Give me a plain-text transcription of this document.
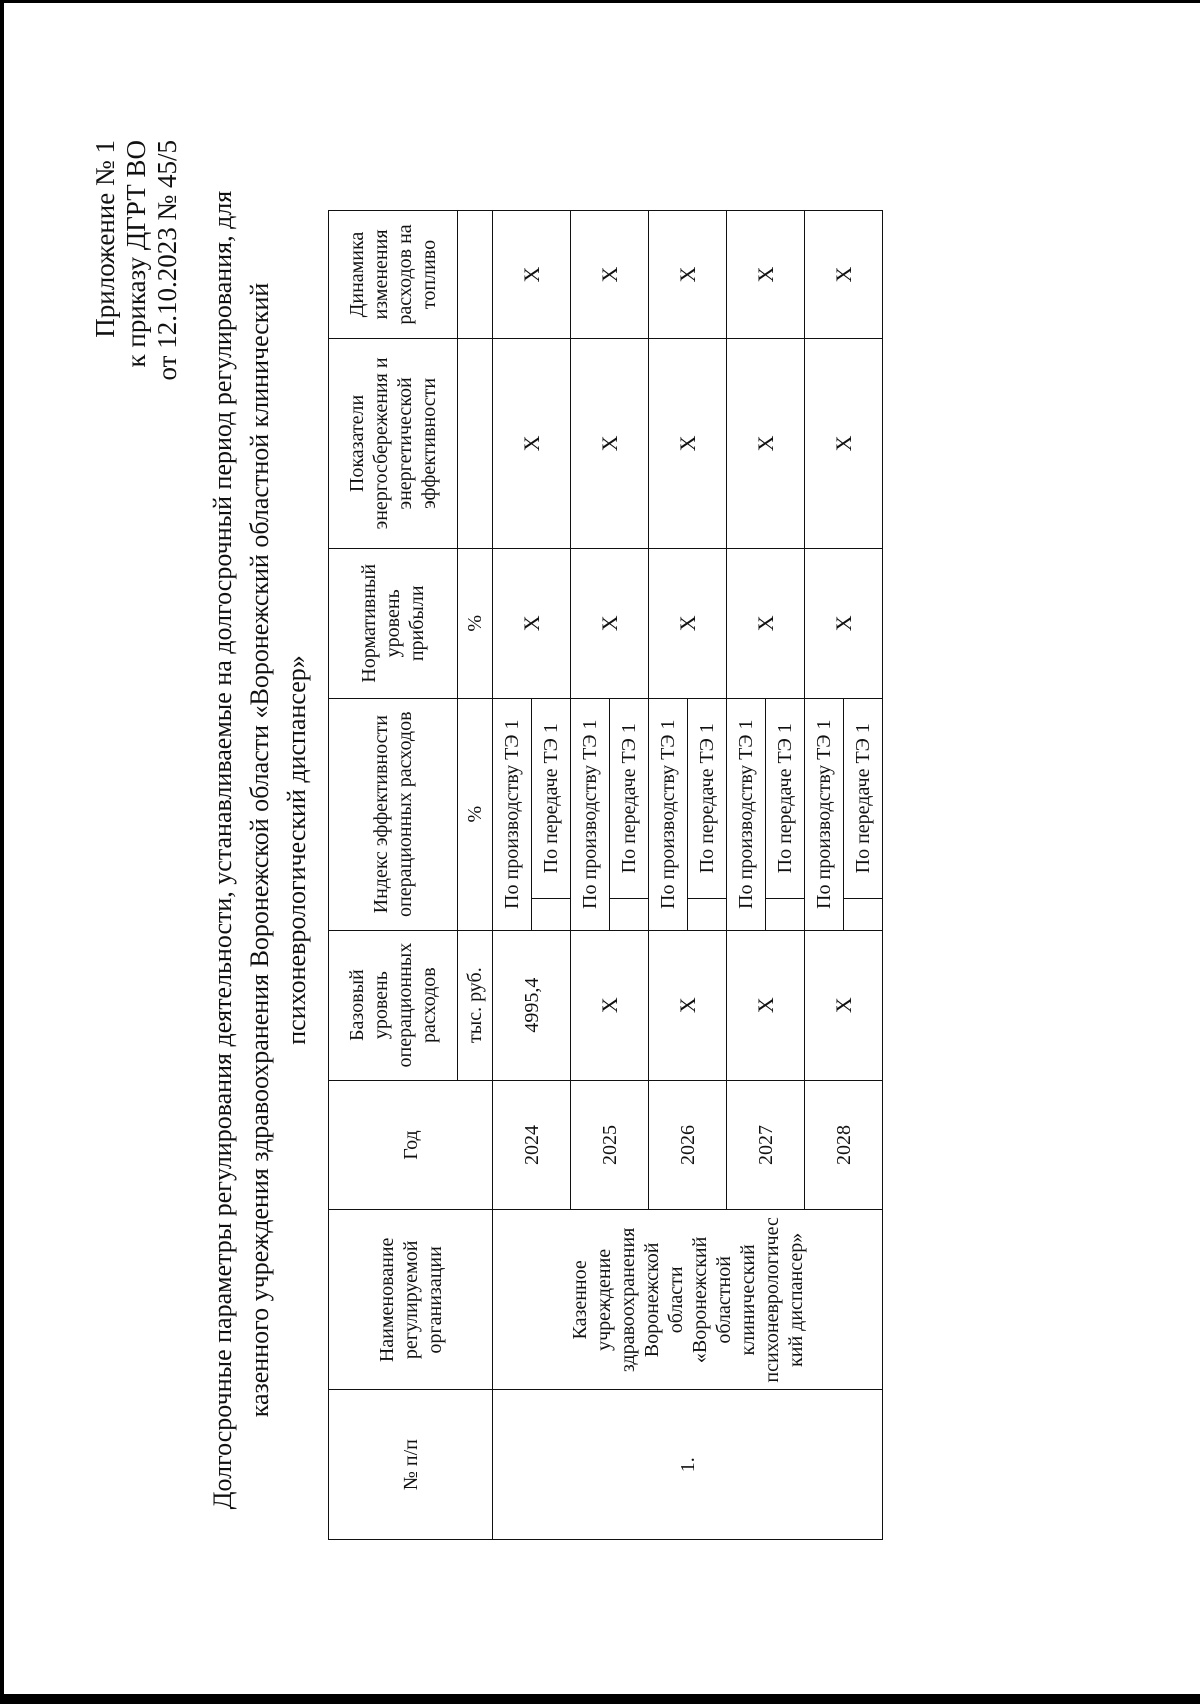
Приложение № 1 к приказу ДГРТ ВО от 12.10.2023 № 45/5 Долгосрочные параметры регулирования деятельности, устанавливаемые на долгосрочный период регулирования, для казенного учреждения здравоохранения Воронежской области «Воронежский областной клинический психоневрологический диспансер»
№ п/п	Наименование регулируемой организации	Год	Базовый уровень операционных расходов	Индекс эффективности операционных расходов		Нормативный уровень прибыли	Показатели энергосбережения и энергетической эффективности	Динамика изменения расходов на топливо
			тыс. руб.	%		%		
1.	Казенное учреждение здравоохранения Воронежской области «Воронежский областной клинический психоневрологичес кий диспансер»	2024	4995,4	По производству ТЭ 1		X	X	X
					По передаче ТЭ 1			
		2025	X	По производству ТЭ 1		X	X	X
					По передаче ТЭ 1			
		2026	X	По производству ТЭ 1		X	X	X
					По передаче ТЭ 1			
		2027	X	По производству ТЭ 1		X	X	X
					По передаче ТЭ 1			
		2028	X	По производству ТЭ 1		X	X	X
					По передаче ТЭ 1			
